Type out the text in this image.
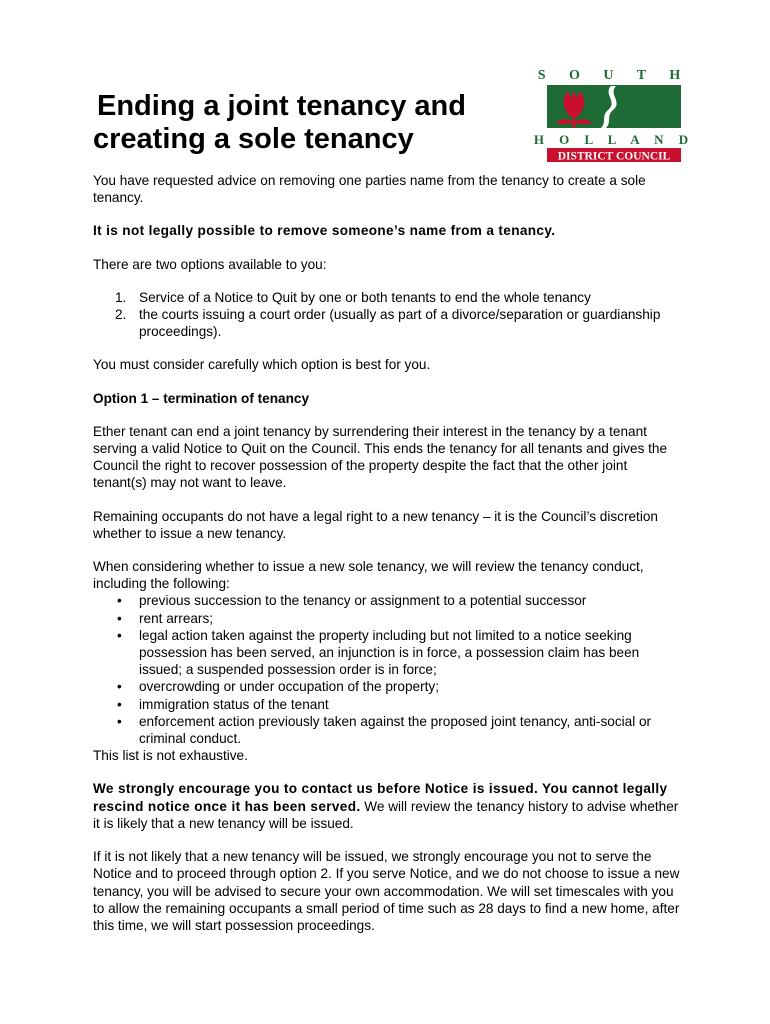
Ending a joint tenancy and
creating a sole tenancy
S O U T H
H O L L A N D
DISTRICT COUNCIL

You have requested advice on removing one parties name from the tenancy to create a sole tenancy.

It is not legally possible to remove someone’s name from a tenancy.

There are two options available to you:

1. Service of a Notice to Quit by one or both tenants to end the whole tenancy
2. the courts issuing a court order (usually as part of a divorce/separation or guardianship proceedings).

You must consider carefully which option is best for you.

Option 1 – termination of tenancy

Ether tenant can end a joint tenancy by surrendering their interest in the tenancy by a tenant serving a valid Notice to Quit on the Council. This ends the tenancy for all tenants and gives the Council the right to recover possession of the property despite the fact that the other joint tenant(s) may not want to leave.

Remaining occupants do not have a legal right to a new tenancy – it is the Council’s discretion whether to issue a new tenancy.

When considering whether to issue a new sole tenancy, we will review the tenancy conduct, including the following:
• previous succession to the tenancy or assignment to a potential successor
• rent arrears;
• legal action taken against the property including but not limited to a notice seeking possession has been served, an injunction is in force, a possession claim has been issued; a suspended possession order is in force;
• overcrowding or under occupation of the property;
• immigration status of the tenant
• enforcement action previously taken against the proposed joint tenancy, anti-social or criminal conduct.
This list is not exhaustive.

We strongly encourage you to contact us before Notice is issued. You cannot legally rescind notice once it has been served. We will review the tenancy history to advise whether it is likely that a new tenancy will be issued.

If it is not likely that a new tenancy will be issued, we strongly encourage you not to serve the Notice and to proceed through option 2. If you serve Notice, and we do not choose to issue a new tenancy, you will be advised to secure your own accommodation. We will set timescales with you to allow the remaining occupants a small period of time such as 28 days to find a new home, after this time, we will start possession proceedings.
